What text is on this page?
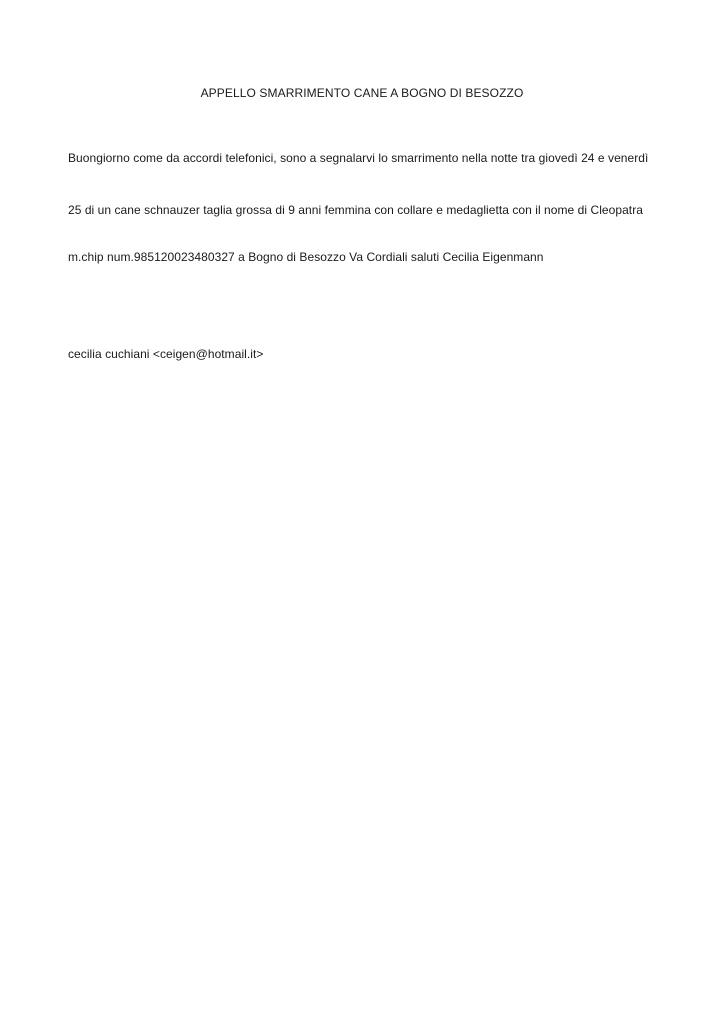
APPELLO SMARRIMENTO CANE A BOGNO DI BESOZZO
Buongiorno come da accordi telefonici, sono a segnalarvi lo smarrimento nella notte tra giovedì 24 e venerdì
25 di un cane schnauzer taglia grossa di 9 anni femmina con collare e medaglietta con il nome di Cleopatra
m.chip num.985120023480327 a Bogno di Besozzo Va Cordiali saluti Cecilia Eigenmann
cecilia cuchiani <ceigen@hotmail.it>
